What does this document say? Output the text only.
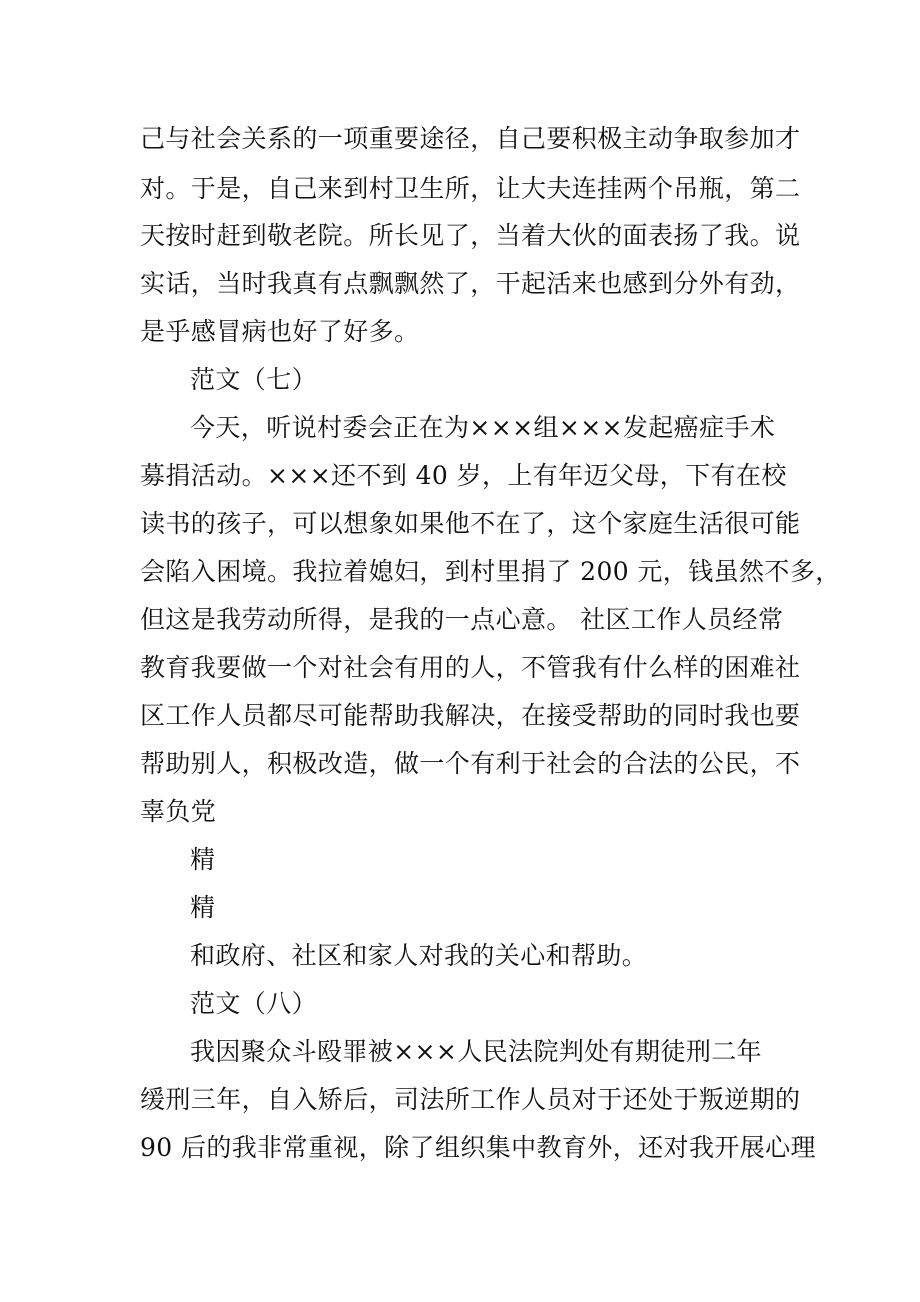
己与社会关系的一项重要途径，自己要积极主动争取参加才
对。于是，自己来到村卫生所，让大夫连挂两个吊瓶，第二
天按时赶到敬老院。所长见了，当着大伙的面表扬了我。说
实话，当时我真有点飘飘然了，干起活来也感到分外有劲，
是乎感冒病也好了好多。
范文（七）
今天，听说村委会正在为×××组×××发起癌症手术
募捐活动。×××还不到 40 岁，上有年迈父母，下有在校
读书的孩子，可以想象如果他不在了，这个家庭生活很可能
会陷入困境。我拉着媳妇，到村里捐了 200 元，钱虽然不多，
但这是我劳动所得，是我的一点心意。 社区工作人员经常
教育我要做一个对社会有用的人，不管我有什么样的困难社
区工作人员都尽可能帮助我解决，在接受帮助的同时我也要
帮助别人，积极改造，做一个有利于社会的合法的公民，不
辜负党
精
精
和政府、社区和家人对我的关心和帮助。
范文（八）
我因聚众斗殴罪被×××人民法院判处有期徒刑二年
缓刑三年，自入矫后，司法所工作人员对于还处于叛逆期的
90 后的我非常重视，除了组织集中教育外，还对我开展心理
